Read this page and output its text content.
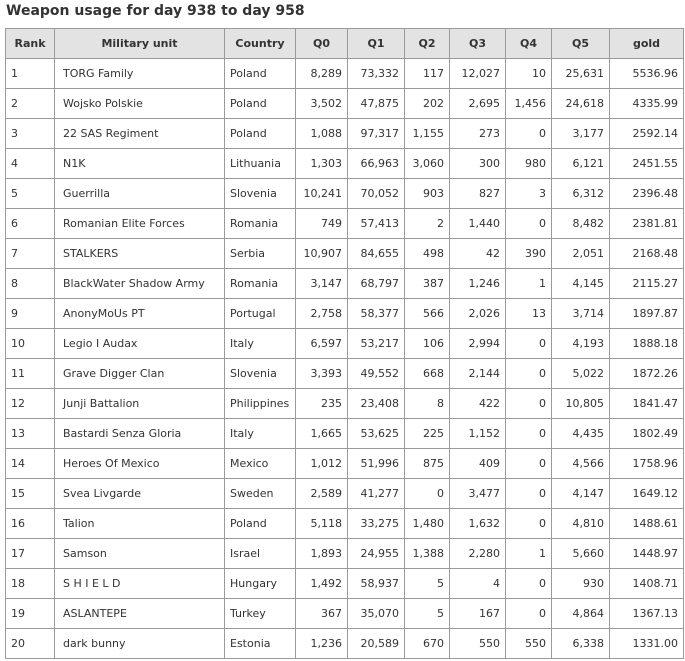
Weapon usage for day 938 to day 958
Rank	Military unit	Country	Q0	Q1	Q2	Q3	Q4	Q5	gold
1	TORG Family	Poland	8,289	73,332	117	12,027	10	25,631	5536.96
2	Wojsko Polskie	Poland	3,502	47,875	202	2,695	1,456	24,618	4335.99
3	22 SAS Regiment	Poland	1,088	97,317	1,155	273	0	3,177	2592.14
4	N1K	Lithuania	1,303	66,963	3,060	300	980	6,121	2451.55
5	Guerrilla	Slovenia	10,241	70,052	903	827	3	6,312	2396.48
6	Romanian Elite Forces	Romania	749	57,413	2	1,440	0	8,482	2381.81
7	STALKERS	Serbia	10,907	84,655	498	42	390	2,051	2168.48
8	BlackWater Shadow Army	Romania	3,147	68,797	387	1,246	1	4,145	2115.27
9	AnonyMoUs PT	Portugal	2,758	58,377	566	2,026	13	3,714	1897.87
10	Legio I Audax	Italy	6,597	53,217	106	2,994	0	4,193	1888.18
11	Grave Digger Clan	Slovenia	3,393	49,552	668	2,144	0	5,022	1872.26
12	Junji Battalion	Philippines	235	23,408	8	422	0	10,805	1841.47
13	Bastardi Senza Gloria	Italy	1,665	53,625	225	1,152	0	4,435	1802.49
14	Heroes Of Mexico	Mexico	1,012	51,996	875	409	0	4,566	1758.96
15	Svea Livgarde	Sweden	2,589	41,277	0	3,477	0	4,147	1649.12
16	Talion	Poland	5,118	33,275	1,480	1,632	0	4,810	1488.61
17	Samson	Israel	1,893	24,955	1,388	2,280	1	5,660	1448.97
18	S H I E L D	Hungary	1,492	58,937	5	4	0	930	1408.71
19	ASLANTEPE	Turkey	367	35,070	5	167	0	4,864	1367.13
20	dark bunny	Estonia	1,236	20,589	670	550	550	6,338	1331.00
